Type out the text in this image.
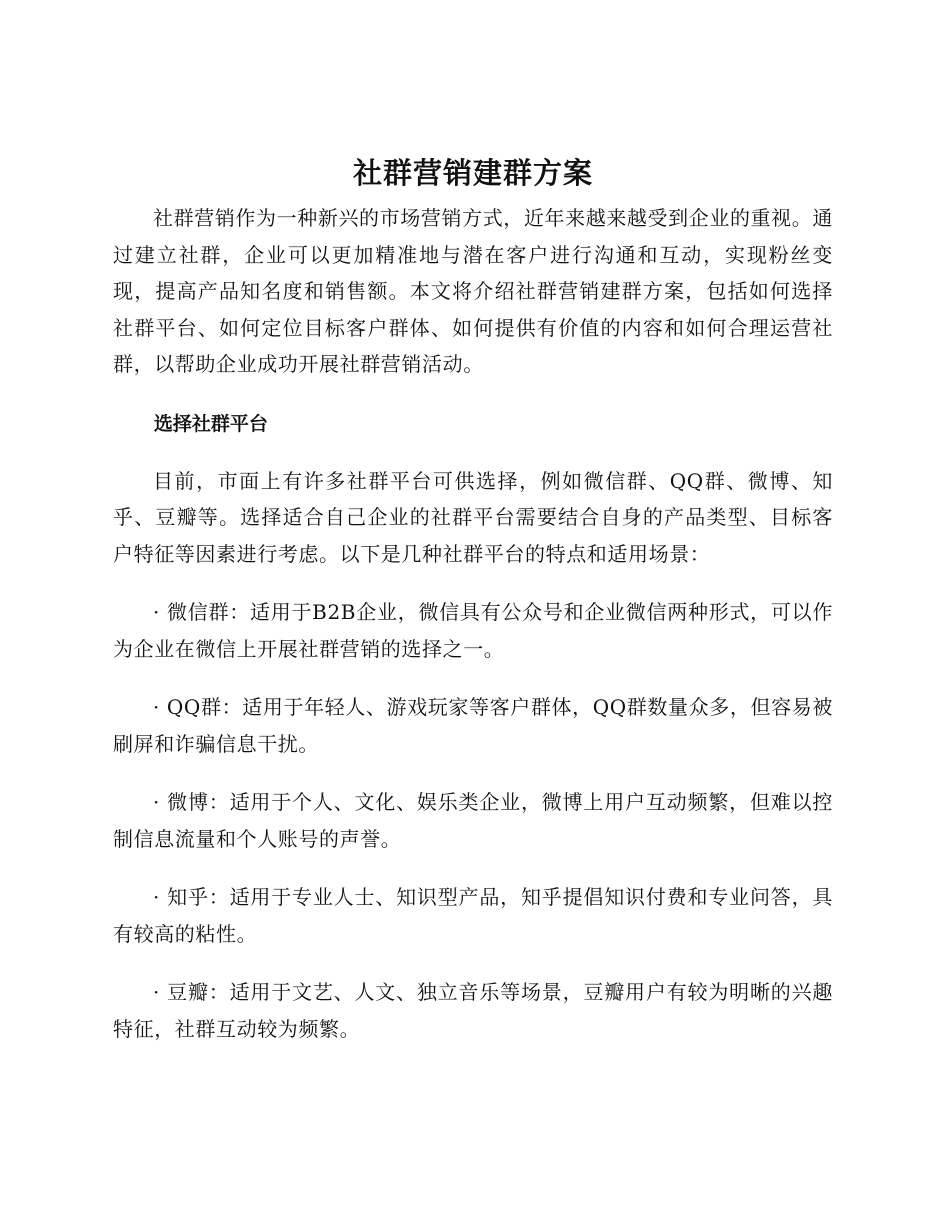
社群营销建群方案

社群营销作为一种新兴的市场营销方式，近年来越来越受到企业的重视。通过建立社群，企业可以更加精准地与潜在客户进行沟通和互动，实现粉丝变现，提高产品知名度和销售额。本文将介绍社群营销建群方案，包括如何选择社群平台、如何定位目标客户群体、如何提供有价值的内容和如何合理运营社群，以帮助企业成功开展社群营销活动。

选择社群平台

目前，市面上有许多社群平台可供选择，例如微信群、QQ群、微博、知乎、豆瓣等。选择适合自己企业的社群平台需要结合自身的产品类型、目标客户特征等因素进行考虑。以下是几种社群平台的特点和适用场景：

· 微信群：适用于B2B企业，微信具有公众号和企业微信两种形式，可以作为企业在微信上开展社群营销的选择之一。

· QQ群：适用于年轻人、游戏玩家等客户群体，QQ群数量众多，但容易被刷屏和诈骗信息干扰。

· 微博：适用于个人、文化、娱乐类企业，微博上用户互动频繁，但难以控制信息流量和个人账号的声誉。

· 知乎：适用于专业人士、知识型产品，知乎提倡知识付费和专业问答，具有较高的粘性。

· 豆瓣：适用于文艺、人文、独立音乐等场景，豆瓣用户有较为明晰的兴趣特征，社群互动较为频繁。
